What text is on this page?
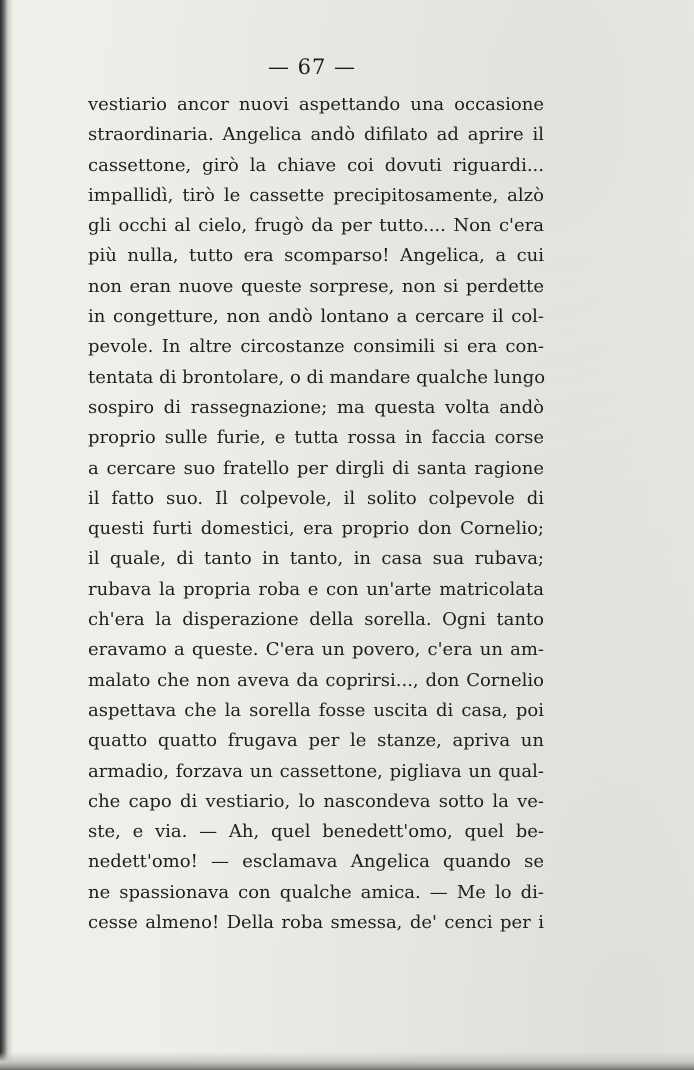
— 67 —
vestiario ancor nuovi aspettando una occasione
straordinaria. Angelica andò difilato ad aprire il
cassettone, girò la chiave coi dovuti riguardi...
impallidì, tirò le cassette precipitosamente, alzò
gli occhi al cielo, frugò da per tutto.... Non c'era
più nulla, tutto era scomparso! Angelica, a cui
non eran nuove queste sorprese, non si perdette
in congetture, non andò lontano a cercare il col-
pevole. In altre circostanze consimili si era con-
tentata di brontolare, o di mandare qualche lungo
sospiro di rassegnazione; ma questa volta andò
proprio sulle furie, e tutta rossa in faccia corse
a cercare suo fratello per dirgli di santa ragione
il fatto suo. Il colpevole, il solito colpevole di
questi furti domestici, era proprio don Cornelio;
il quale, di tanto in tanto, in casa sua rubava;
rubava la propria roba e con un'arte matricolata
ch'era la disperazione della sorella. Ogni tanto
eravamo a queste. C'era un povero, c'era un am-
malato che non aveva da coprirsi..., don Cornelio
aspettava che la sorella fosse uscita di casa, poi
quatto quatto frugava per le stanze, apriva un
armadio, forzava un cassettone, pigliava un qual-
che capo di vestiario, lo nascondeva sotto la ve-
ste, e via. — Ah, quel benedett'omo, quel be-
nedett'omo! — esclamava Angelica quando se
ne spassionava con qualche amica. — Me lo di-
cesse almeno! Della roba smessa, de' cenci per i
